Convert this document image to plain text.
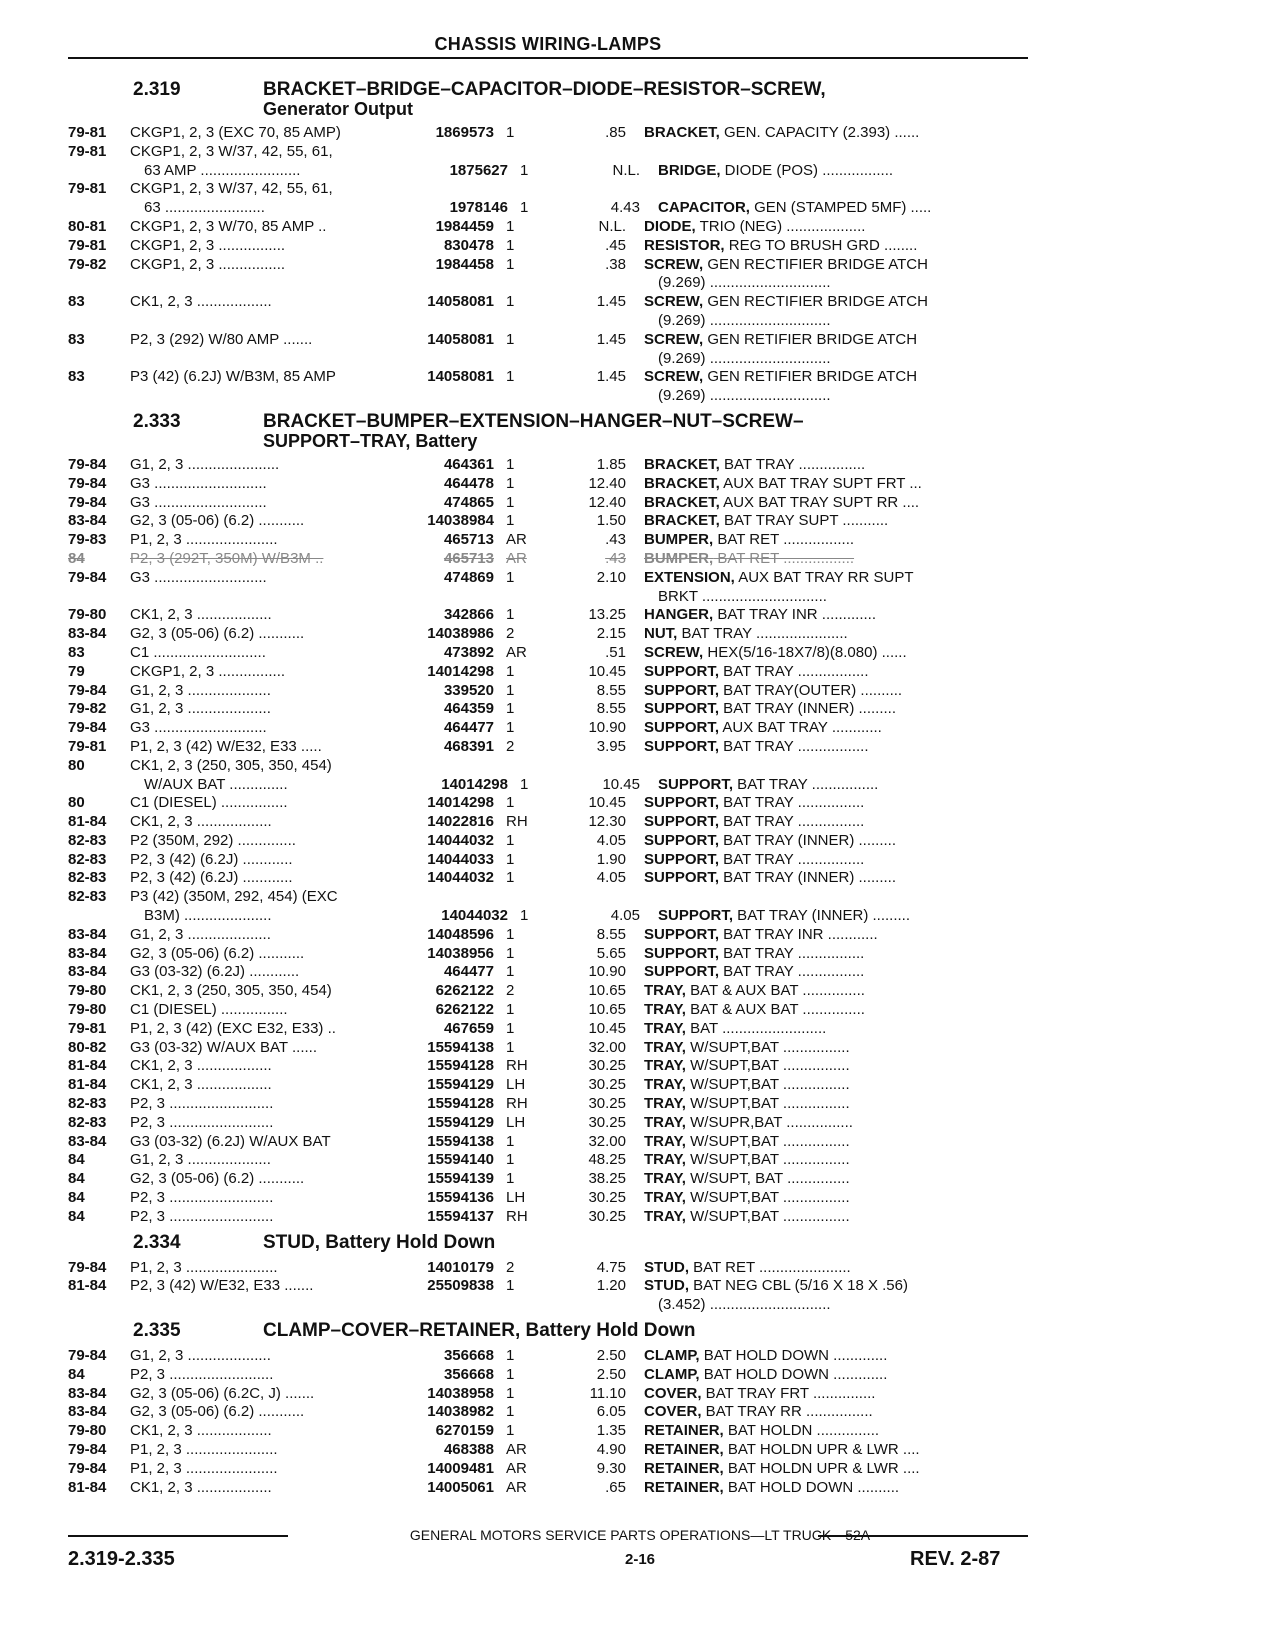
CHASSIS WIRING-LAMPS
2.319	BRACKET–BRIDGE–CAPACITOR–DIODE–RESISTOR–SCREW,
Generator Output
79-81	CKGP1, 2, 3 (EXC 70, 85 AMP)	1869573 1	.85	BRACKET, GEN. CAPACITY (2.393) ......
79-81	CKGP1, 2, 3 W/37, 42, 55, 61,
63 AMP ........................	1875627 1	N.L.	BRIDGE, DIODE (POS) .................
79-81	CKGP1, 2, 3 W/37, 42, 55, 61,
63 ........................	1978146 1	4.43	CAPACITOR, GEN (STAMPED 5MF) .....
80-81	CKGP1, 2, 3 W/70, 85 AMP ..	1984459 1	N.L.	DIODE, TRIO (NEG) ...................
79-81	CKGP1, 2, 3 ................	830478 1	.45	RESISTOR, REG TO BRUSH GRD ........
79-82	CKGP1, 2, 3 ................	1984458 1	.38	SCREW, GEN RECTIFIER BRIDGE ATCH
(9.269) .............................
83	CK1, 2, 3 ..................	14058081 1	1.45	SCREW, GEN RECTIFIER BRIDGE ATCH
(9.269) .............................
83	P2, 3 (292) W/80 AMP .......	14058081 1	1.45	SCREW, GEN RETIFIER BRIDGE ATCH
(9.269) .............................
83	P3 (42) (6.2J) W/B3M, 85 AMP	14058081 1	1.45	SCREW, GEN RETIFIER BRIDGE ATCH
(9.269) .............................
2.333	BRACKET–BUMPER–EXTENSION–HANGER–NUT–SCREW–
SUPPORT–TRAY, Battery
79-84	G1, 2, 3 ......................	464361 1	1.85	BRACKET, BAT TRAY ................
79-84	G3 ...........................	464478 1	12.40	BRACKET, AUX BAT TRAY SUPT FRT ...
79-84	G3 ...........................	474865 1	12.40	BRACKET, AUX BAT TRAY SUPT RR ....
83-84	G2, 3 (05-06) (6.2) ...........	14038984 1	1.50	BRACKET, BAT TRAY SUPT ...........
79-83	P1, 2, 3 ......................	465713 AR	.43	BUMPER, BAT RET .................
84	P2, 3 (292T, 350M) W/B3M ..	465713 AR	.43	BUMPER, BAT RET .................
79-84	G3 ...........................	474869 1	2.10	EXTENSION, AUX BAT TRAY RR SUPT
BRKT ..............................
79-80	CK1, 2, 3 ..................	342866 1	13.25	HANGER, BAT TRAY INR .............
83-84	G2, 3 (05-06) (6.2) ...........	14038986 2	2.15	NUT, BAT TRAY ......................
83	C1 ...........................	473892 AR	.51	SCREW, HEX(5/16-18X7/8)(8.080) ......
79	CKGP1, 2, 3 ................	14014298 1	10.45	SUPPORT, BAT TRAY .................
79-84	G1, 2, 3 ....................	339520 1	8.55	SUPPORT, BAT TRAY(OUTER) ..........
79-82	G1, 2, 3 ....................	464359 1	8.55	SUPPORT, BAT TRAY (INNER) .........
79-84	G3 ...........................	464477 1	10.90	SUPPORT, AUX BAT TRAY ............
79-81	P1, 2, 3 (42) W/E32, E33 .....	468391 2	3.95	SUPPORT, BAT TRAY .................
80	CK1, 2, 3 (250, 305, 350, 454)
W/AUX BAT ..............	14014298 1	10.45	SUPPORT, BAT TRAY ................
80	C1 (DIESEL) ................	14014298 1	10.45	SUPPORT, BAT TRAY ................
81-84	CK1, 2, 3 ..................	14022816 RH	12.30	SUPPORT, BAT TRAY ................
82-83	P2 (350M, 292) ..............	14044032 1	4.05	SUPPORT, BAT TRAY (INNER) .........
82-83	P2, 3 (42) (6.2J) ............	14044033 1	1.90	SUPPORT, BAT TRAY ................
82-83	P2, 3 (42) (6.2J) ............	14044032 1	4.05	SUPPORT, BAT TRAY (INNER) .........
82-83	P3 (42) (350M, 292, 454) (EXC
B3M) .....................	14044032 1	4.05	SUPPORT, BAT TRAY (INNER) .........
83-84	G1, 2, 3 ....................	14048596 1	8.55	SUPPORT, BAT TRAY INR ............
83-84	G2, 3 (05-06) (6.2) ...........	14038956 1	5.65	SUPPORT, BAT TRAY ................
83-84	G3 (03-32) (6.2J) ............	464477 1	10.90	SUPPORT, BAT TRAY ................
79-80	CK1, 2, 3 (250, 305, 350, 454)	6262122 2	10.65	TRAY, BAT & AUX BAT ...............
79-80	C1 (DIESEL) ................	6262122 1	10.65	TRAY, BAT & AUX BAT ...............
79-81	P1, 2, 3 (42) (EXC E32, E33) ..	467659 1	10.45	TRAY, BAT .........................
80-82	G3 (03-32) W/AUX BAT ......	15594138 1	32.00	TRAY, W/SUPT,BAT ................
81-84	CK1, 2, 3 ..................	15594128 RH	30.25	TRAY, W/SUPT,BAT ................
81-84	CK1, 2, 3 ..................	15594129 LH	30.25	TRAY, W/SUPT,BAT ................
82-83	P2, 3 .........................	15594128 RH	30.25	TRAY, W/SUPT,BAT ................
82-83	P2, 3 .........................	15594129 LH	30.25	TRAY, W/SUPR,BAT ................
83-84	G3 (03-32) (6.2J) W/AUX BAT	15594138 1	32.00	TRAY, W/SUPT,BAT ................
84	G1, 2, 3 ....................	15594140 1	48.25	TRAY, W/SUPT,BAT ................
84	G2, 3 (05-06) (6.2) ...........	15594139 1	38.25	TRAY, W/SUPT, BAT ...............
84	P2, 3 .........................	15594136 LH	30.25	TRAY, W/SUPT,BAT ................
84	P2, 3 .........................	15594137 RH	30.25	TRAY, W/SUPT,BAT ................
2.334	STUD, Battery Hold Down
79-84	P1, 2, 3 ......................	14010179 2	4.75	STUD, BAT RET ......................
81-84	P2, 3 (42) W/E32, E33 .......	25509838 1	1.20	STUD, BAT NEG CBL (5/16 X 18 X .56)
(3.452) .............................
2.335	CLAMP–COVER–RETAINER, Battery Hold Down
79-84	G1, 2, 3 ....................	356668 1	2.50	CLAMP, BAT HOLD DOWN .............
84	P2, 3 .........................	356668 1	2.50	CLAMP, BAT HOLD DOWN .............
83-84	G2, 3 (05-06) (6.2C, J) .......	14038958 1	11.10	COVER, BAT TRAY FRT ...............
83-84	G2, 3 (05-06) (6.2) ...........	14038982 1	6.05	COVER, BAT TRAY RR ................
79-80	CK1, 2, 3 ..................	6270159 1	1.35	RETAINER, BAT HOLDN ...............
79-84	P1, 2, 3 ......................	468388 AR	4.90	RETAINER, BAT HOLDN UPR & LWR ....
79-84	P1, 2, 3 ......................	14009481 AR	9.30	RETAINER, BAT HOLDN UPR & LWR ....
81-84	CK1, 2, 3 ..................	14005061 AR	.65	RETAINER, BAT HOLD DOWN ..........
GENERAL MOTORS SERVICE PARTS OPERATIONS—LT TRUCK—52A
2.319-2.335	2-16	REV. 2-87
